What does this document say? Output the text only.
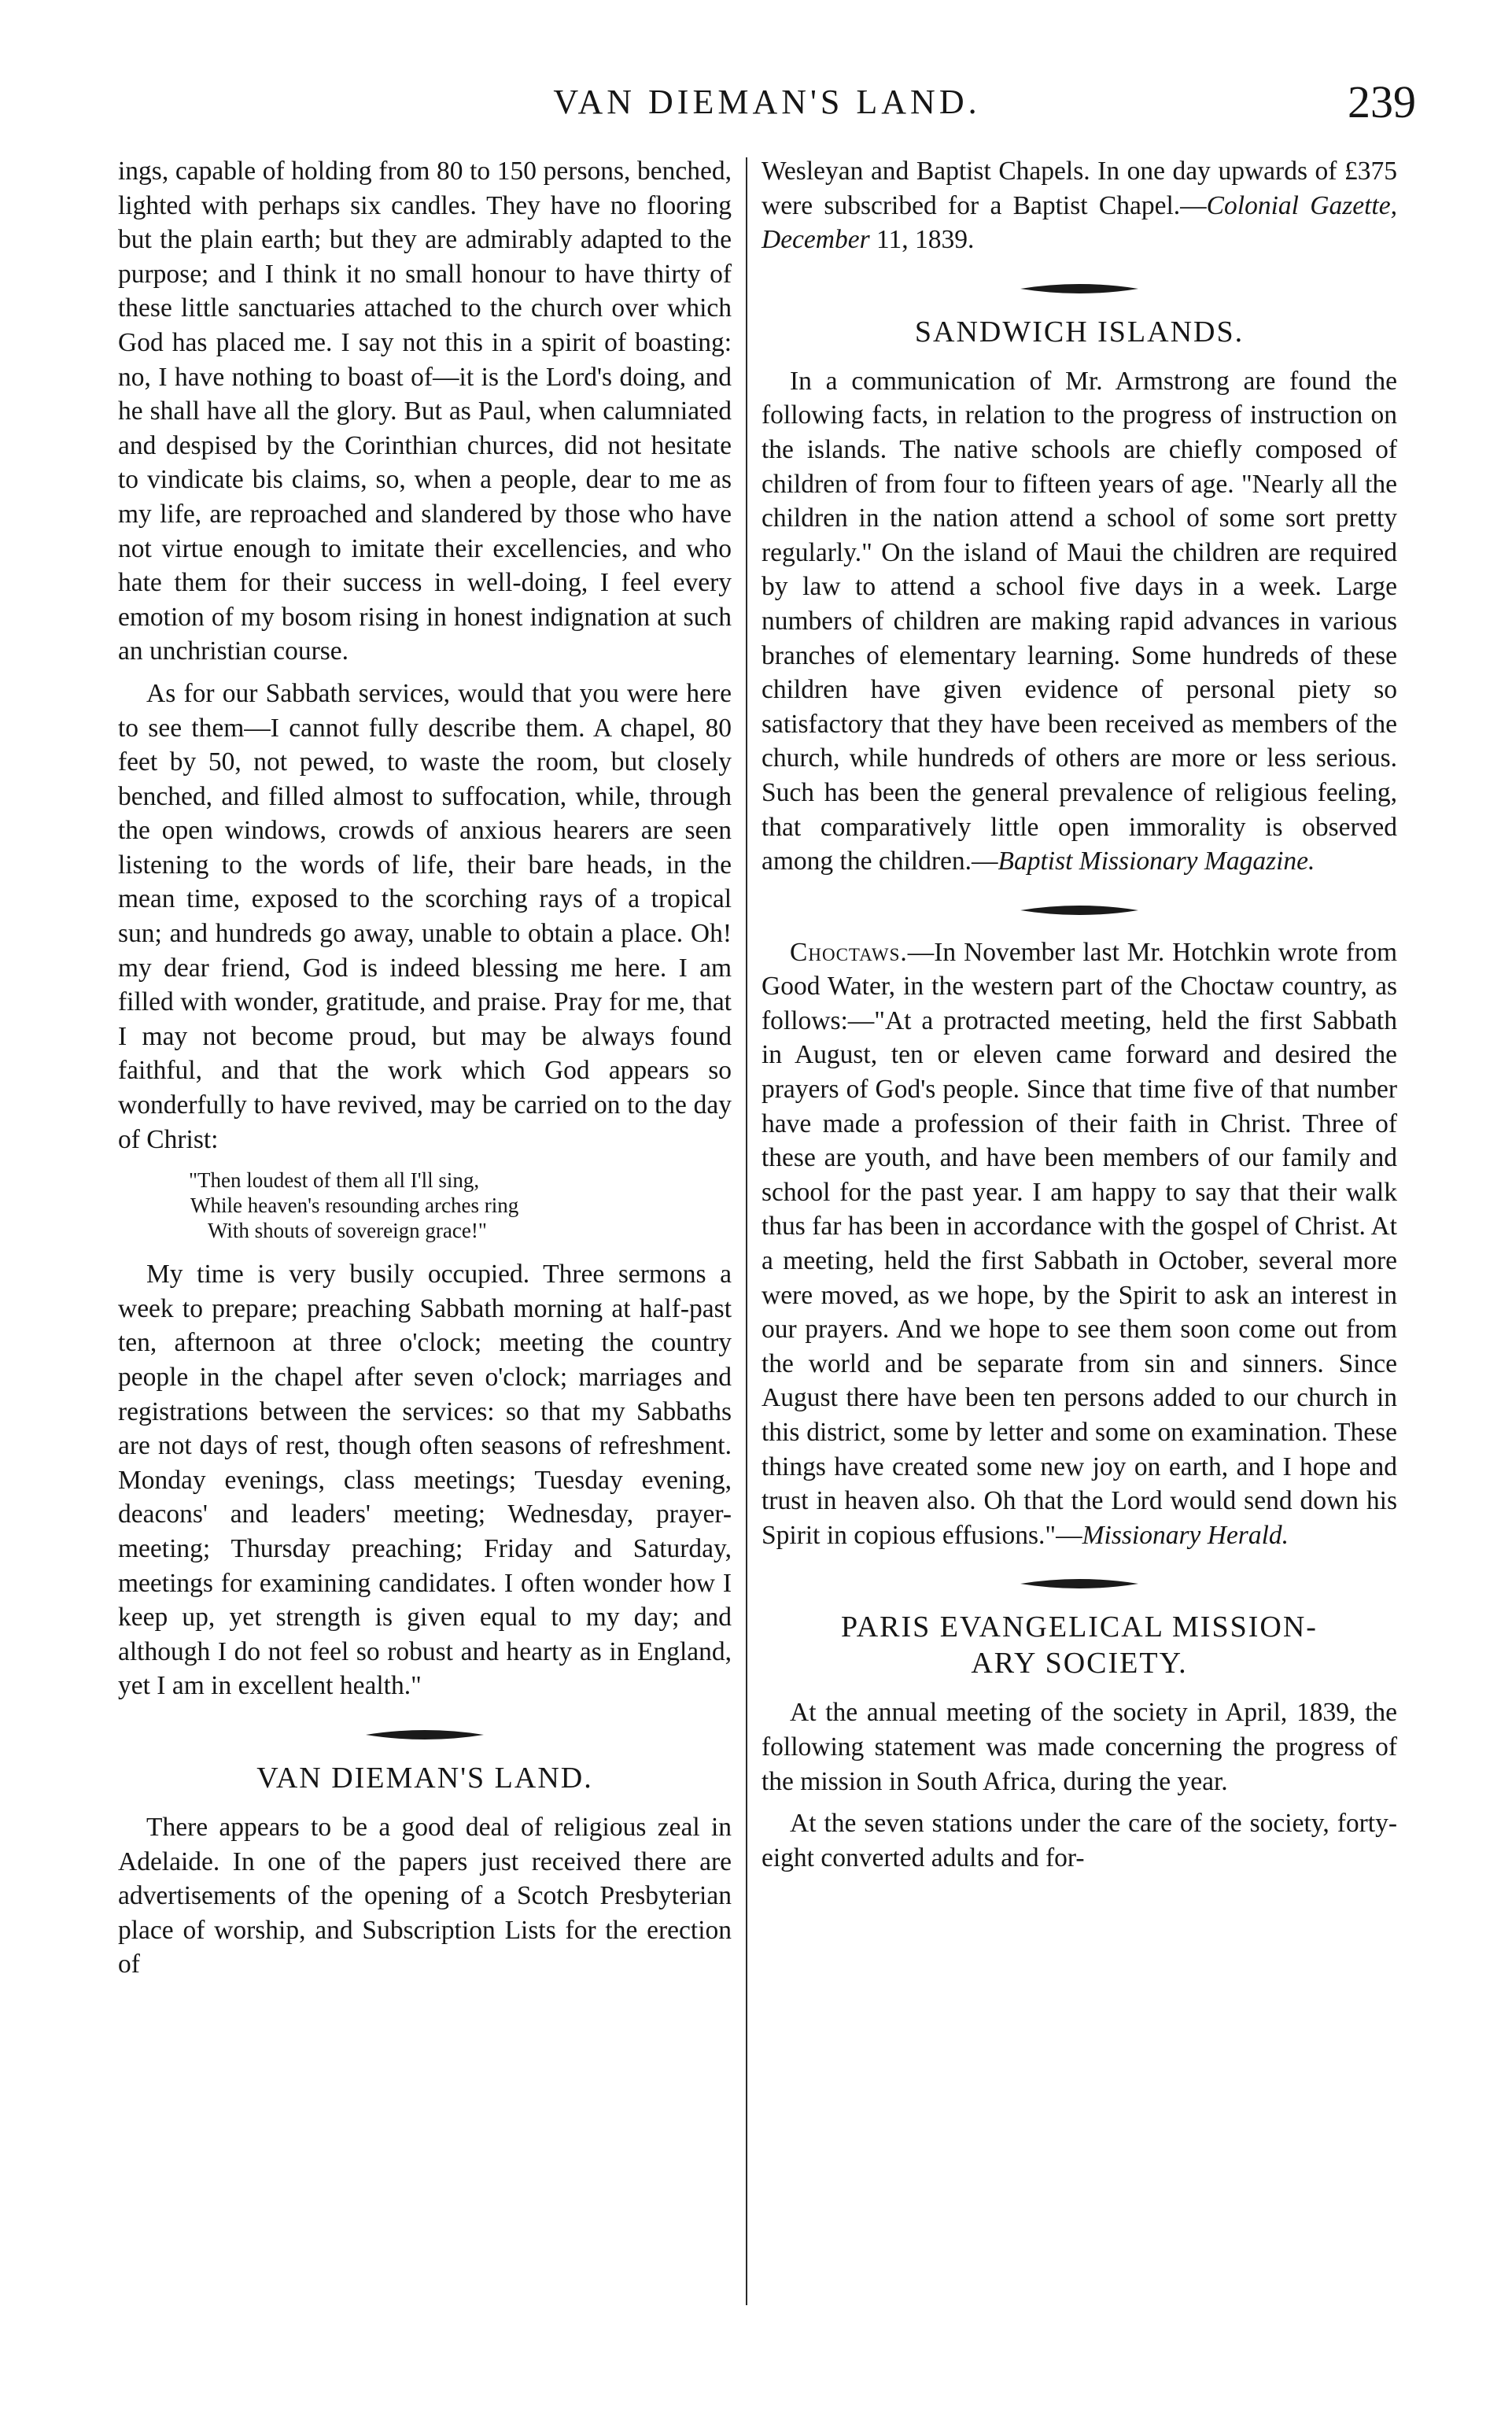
VAN DIEMAN'S LAND.	239

ings, capable of holding from 80 to 150 persons, benched, lighted with perhaps six candles. They have no flooring but the plain earth; but they are admirably adapted to the purpose; and I think it no small honour to have thirty of these little sanctuaries attached to the church over which God has placed me. I say not this in a spirit of boasting: no, I have nothing to boast of—it is the Lord's doing, and he shall have all the glory. But as Paul, when calumniated and despised by the Corinthian churces, did not hesitate to vindicate bis claims, so, when a people, dear to me as my life, are reproached and slandered by those who have not virtue enough to imitate their excellencies, and who hate them for their success in well-doing, I feel every emotion of my bosom rising in honest indignation at such an unchristian course.

As for our Sabbath services, would that you were here to see them—I cannot fully describe them. A chapel, 80 feet by 50, not pewed, to waste the room, but closely benched, and filled almost to suffocation, while, through the open windows, crowds of anxious hearers are seen listening to the words of life, their bare heads, in the mean time, exposed to the scorching rays of a tropical sun; and hundreds go away, unable to obtain a place. Oh! my dear friend, God is indeed blessing me here. I am filled with wonder, gratitude, and praise. Pray for me, that I may not become proud, but may be always found faithful, and that the work which God appears so wonderfully to have revived, may be carried on to the day of Christ:

"Then loudest of them all I'll sing,
While heaven's resounding arches ring
With shouts of sovereign grace!"

My time is very busily occupied. Three sermons a week to prepare; preaching Sabbath morning at half-past ten, afternoon at three o'clock; meeting the country people in the chapel after seven o'clock; marriages and registrations between the services: so that my Sabbaths are not days of rest, though often seasons of refreshment. Monday evenings, class meetings; Tuesday evening, deacons' and leaders' meeting; Wednesday, prayer-meeting; Thursday preaching; Friday and Saturday, meetings for examining candidates. I often wonder how I keep up, yet strength is given equal to my day; and although I do not feel so robust and hearty as in England, yet I am in excellent health."

VAN DIEMAN'S LAND.

There appears to be a good deal of religious zeal in Adelaide. In one of the papers just received there are advertisements of the opening of a Scotch Presbyterian place of worship, and Subscription Lists for the erection of

Wesleyan and Baptist Chapels. In one day upwards of £375 were subscribed for a Baptist Chapel.—Colonial Gazette, December 11, 1839.

SANDWICH ISLANDS.

In a communication of Mr. Armstrong are found the following facts, in relation to the progress of instruction on the islands. The native schools are chiefly composed of children of from four to fifteen years of age. "Nearly all the children in the nation attend a school of some sort pretty regularly." On the island of Maui the children are required by law to attend a school five days in a week. Large numbers of children are making rapid advances in various branches of elementary learning. Some hundreds of these children have given evidence of personal piety so satisfactory that they have been received as members of the church, while hundreds of others are more or less serious. Such has been the general prevalence of religious feeling, that comparatively little open immorality is observed among the children.—Baptist Missionary Magazine.

Choctaws.—In November last Mr. Hotchkin wrote from Good Water, in the western part of the Choctaw country, as follows:—"At a protracted meeting, held the first Sabbath in August, ten or eleven came forward and desired the prayers of God's people. Since that time five of that number have made a profession of their faith in Christ. Three of these are youth, and have been members of our family and school for the past year. I am happy to say that their walk thus far has been in accordance with the gospel of Christ. At a meeting, held the first Sabbath in October, several more were moved, as we hope, by the Spirit to ask an interest in our prayers. And we hope to see them soon come out from the world and be separate from sin and sinners. Since August there have been ten persons added to our church in this district, some by letter and some on examination. These things have created some new joy on earth, and I hope and trust in heaven also. Oh that the Lord would send down his Spirit in copious effusions."—Missionary Herald.

PARIS EVANGELICAL MISSION-
ARY SOCIETY.

At the annual meeting of the society in April, 1839, the following statement was made concerning the progress of the mission in South Africa, during the year.

At the seven stations under the care of the society, forty-eight converted adults and for-
